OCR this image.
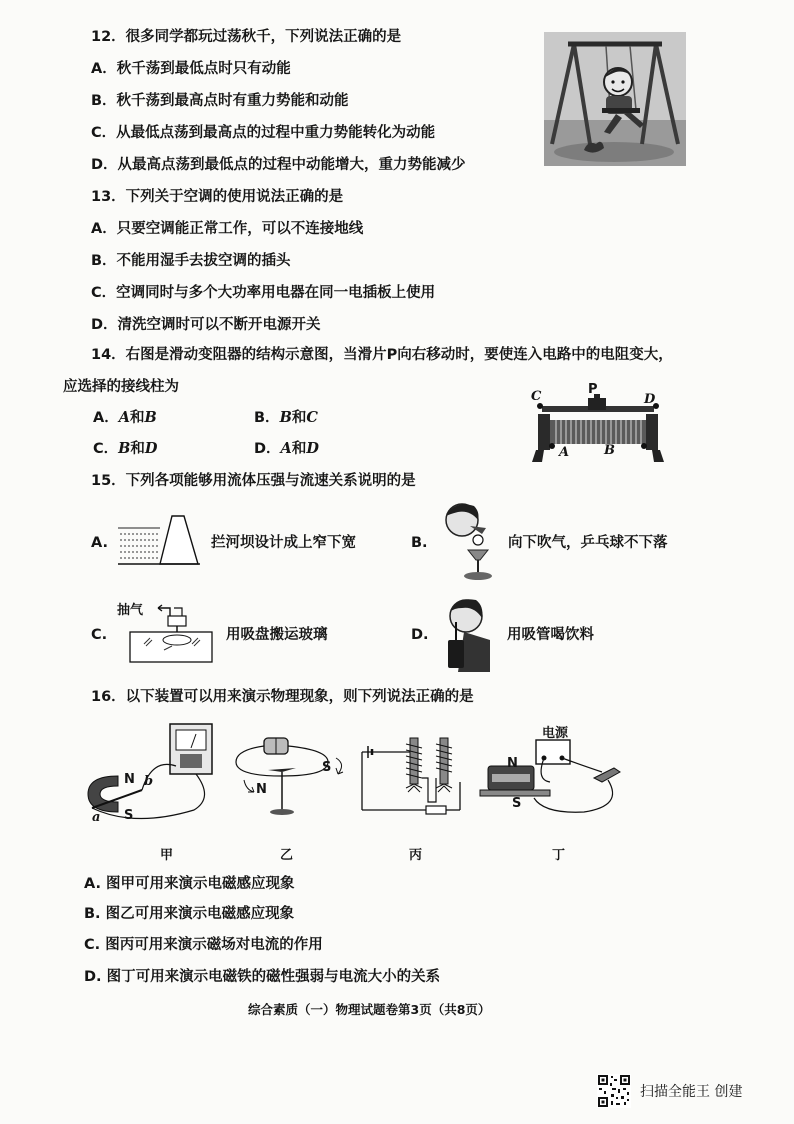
12．很多同学都玩过荡秋千，下列说法正确的是
A．秋千荡到最低点时只有动能
B．秋千荡到最高点时有重力势能和动能
C．从最低点荡到最高点的过程中重力势能转化为动能
D．从最高点荡到最低点的过程中动能增大，重力势能减少
13．下列关于空调的使用说法正确的是
A．只要空调能正常工作，可以不连接地线
B．不能用湿手去拔空调的插头
C．空调同时与多个大功率用电器在同一电插板上使用
D．清洗空调时可以不断开电源开关
14．右图是滑动变阻器的结构示意图，当滑片P向右移动时，要使连入电路中的电阻变大，
应选择的接线柱为
A．A和B	B．B和C
C．B和D	D．A和D
C	P
D
A	B
15．下列各项能够用流体压强与流速关系说明的是
A.	拦河坝设计成上窄下宽	B.	向下吹气，乒乓球不下落
抽气
C.	用吸盘搬运玻璃	D.	用吸管喝饮料
16．以下装置可以用来演示物理现象，则下列说法正确的是
N b
a S
N
S
电源
N
S
甲	乙	丙	丁
A. 图甲可用来演示电磁感应现象
B. 图乙可用来演示电磁感应现象
C. 图丙可用来演示磁场对电流的作用
D. 图丁可用来演示电磁铁的磁性强弱与电流大小的关系
综合素质（一）物理试题卷第3页（共8页）
扫描全能王 创建
